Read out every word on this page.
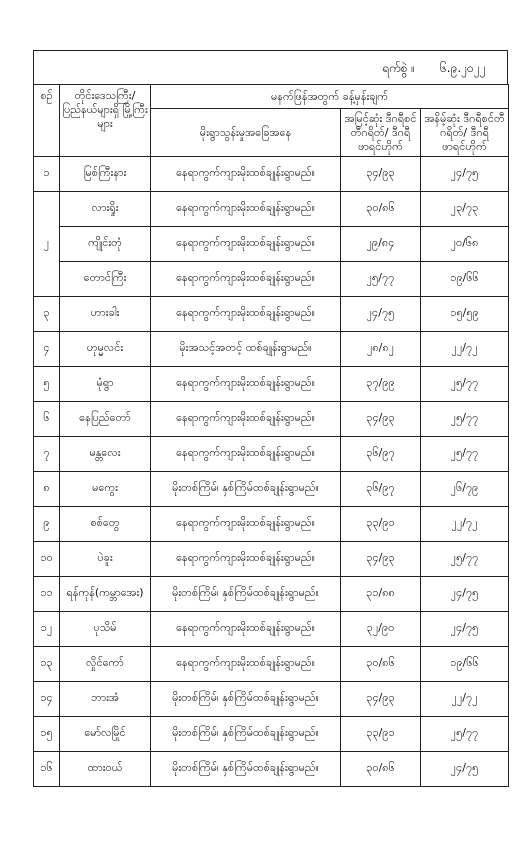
ရက်စွဲ ။ ၆.၉.၂၀၂၂
စဉ်	တိုင်းဒေသကြီး/ ပြည်နယ်များရှိ မြို့ကြီးများ	မနက်ဖြန်အတွက် ခန့်မှန်းချက်		
		မိုးရွာသွန်းမှုအခြေအနေ	အမြင့်ဆုံး ဒီဂရီစင်တီဂရိတ်/ ဒီဂရီဖာရင်ဟိုက်	အနိမ့်ဆုံး ဒီဂရီစင်တီဂရိတ်/ ဒီဂရီဖာရင်ဟိုက်
၁	မြစ်ကြီးနား	နေရာကွက်ကျားမိုးထစ်ချုန်းရွာမည်။	၃၄/၉၃	၂၄/၇၅
၂	လားရှိုး	နေရာကွက်ကျားမိုးထစ်ချုန်းရွာမည်။	၃၀/၈၆	၂၃/၇၃
	ကျိုင်းတုံ	နေရာကွက်ကျားမိုးထစ်ချုန်းရွာမည်။	၂၉/၈၄	၂၀/၆၈
	တောင်ကြီး	နေရာကွက်ကျားမိုးထစ်ချုန်းရွာမည်။	၂၅/၇၇	၁၉/၆၆
၃	ဟားခါး	နေရာကွက်ကျားမိုးထစ်ချုန်းရွာမည်။	၂၄/၇၅	၁၅/၅၉
၄	ဟုမ္မလင်း	မိုးအသင့်အတင့် ထစ်ချုန်းရွာမည်။	၂၈/၈၂	၂၂/၇၂
၅	မုံရွာ	နေရာကွက်ကျားမိုးထစ်ချုန်းရွာမည်။	၃၇/၉၉	၂၅/၇၇
၆	နေပြည်တော်	နေရာကွက်ကျားမိုးထစ်ချုန်းရွာမည်။	၃၄/၉၃	၂၅/၇၇
၇	မန္တလေး	နေရာကွက်ကျားမိုးထစ်ချုန်းရွာမည်။	၃၆/၉၇	၂၅/၇၇
၈	မကွေး	မိုးတစ်ကြိမ်၊ နှစ်ကြိမ်ထစ်ချုန်းရွာမည်။	၃၆/၉၇	၂၆/၇၉
၉	စစ်တွေ	နေရာကွက်ကျားမိုးထစ်ချုန်းရွာမည်။	၃၃/၉၁	၂၂/၇၂
၁၀	ပဲခူး	နေရာကွက်ကျားမိုးထစ်ချုန်းရွာမည်။	၃၄/၉၃	၂၅/၇၇
၁၁	ရန်ကုန်(ကမ္ဘာအေး)	မိုးတစ်ကြိမ်၊ နှစ်ကြိမ်ထစ်ချုန်းရွာမည်။	၃၁/၈၈	၂၄/၇၅
၁၂	ပုသိမ်	နေရာကွက်ကျားမိုးထစ်ချုန်းရွာမည်။	၃၂/၉၀	၂၄/၇၅
၁၃	လှိုင်ကော်	နေရာကွက်ကျားမိုးထစ်ချုန်းရွာမည်။	၃၀/၈၆	၁၉/၆၆
၁၄	ဘားအံ	မိုးတစ်ကြိမ်၊ နှစ်ကြိမ်ထစ်ချုန်းရွာမည်။	၃၄/၉၃	၂၂/၇၂
၁၅	မော်လမြိုင်	မိုးတစ်ကြိမ်၊ နှစ်ကြိမ်ထစ်ချုန်းရွာမည်။	၃၃/၉၁	၂၅/၇၇
၁၆	ထားဝယ်	မိုးတစ်ကြိမ်၊ နှစ်ကြိမ်ထစ်ချုန်းရွာမည်။	၃၀/၈၆	၂၄/၇၅
